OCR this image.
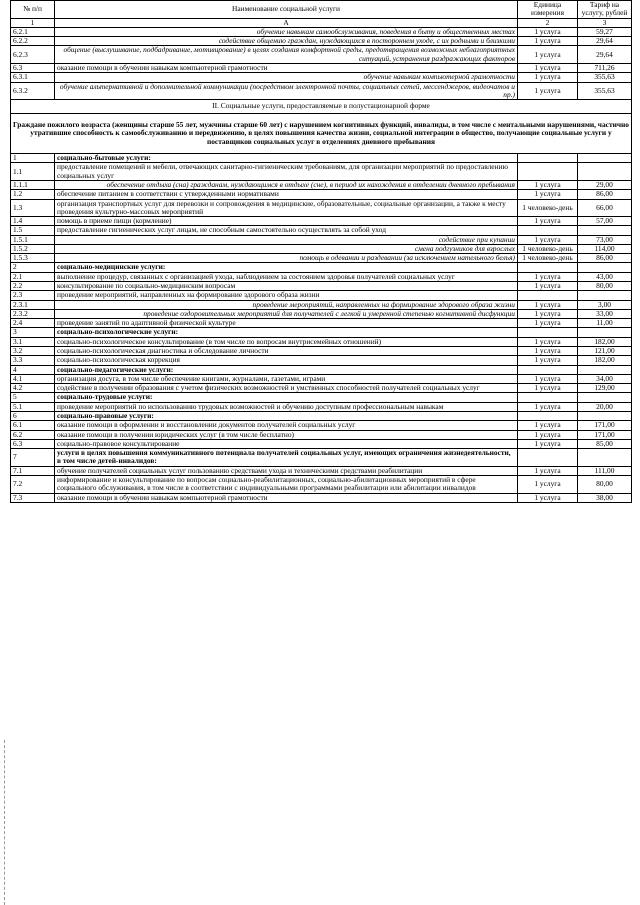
№ п/п	Наименование социальной услуги	Единица измерения	Тариф на услугу, рублей
1	А	2	3
6.2.1	обучение навыкам самообслуживания, поведения в быту и общественных местах	1 услуга	59,27
6.2.2	содействие общению граждан, нуждающихся в постороннем уходе, с их родными и близкими	1 услуга	29,64
6.2.3	общение (выслушивание, подбадривание, мотивирование) в целях создания комфортной среды, предотвращения возможных неблагоприятных ситуаций, устранения раздражающих факторов	1 услуга	29,64
6.3	оказание помощи в обучении навыкам компьютерной грамотности	1 услуга	711,26
6.3.1	обучение навыкам компьютерной грамотности	1 услуга	355,63
6.3.2	обучение альтернативной и дополнительной коммуникации (посредством электронной почты, социальных сетей, мессенджеров, видеочатов и пр.)	1 услуга	355,63
II. Социальные услуги, предоставляемые в полустационарной форме			
Граждане пожилого возраста (женщины старше 55 лет, мужчины старше 60 лет) с нарушением когнитивных функций, инвалиды, в том числе с ментальными нарушениями, частично утратившие способность к самообслуживанию и передвижению, в целях повышения качества жизни, социальной интеграции в общество, получающие социальные услуги у поставщиков социальных услуг в отделениях дневного пребывания			
1	социально-бытовые услуги:		
1.1	предоставление помещений и мебели, отвечающих санитарно-гигиеническим требованиям, для организации мероприятий по предоставлению социальных услуг		
1.1.1	обеспечение отдыха (сна) гражданам, нуждающимся в отдыхе (сне), в период их нахождения в отделении дневного пребывания	1 услуга	29,00
1.2	обеспечение питанием в соответствии с утвержденными нормативами	1 услуга	86,00
1.3	организация транспортных услуг для перевозки и сопровождения в медицинские, образовательные, социальные организации, а также к месту проведения культурно-массовых мероприятий	1 человеко-день	66,00
1.4	помощь в приеме пищи (кормление)	1 услуга	57,00
1.5	предоставление гигиенических услуг лицам, не способным самостоятельно осуществлять за собой уход		
1.5.1	содействие при купании	1 услуга	73,00
1.5.2	смена подгузников для взрослых	1 человеко-день	114,00
1.5.3	помощь в одевании и раздевании (за исключением нательного белья)	1 человеко-день	86,00
2	социально-медицинские услуги:		
2.1	выполнение процедур, связанных с организацией ухода, наблюдением за состоянием здоровья получателей социальных услуг	1 услуга	43,00
2.2	консультирование по социально-медицинским вопросам	1 услуга	80,00
2.3	проведение мероприятий, направленных на формирование здорового образа жизни		
2.3.1	проведение мероприятий, направленных на формирование здорового образа жизни	1 услуга	3,00
2.3.2	проведение оздоровительных мероприятий для получателей с легкой и умеренной степенью когнитивной дисфункции	1 услуга	33,00
2.4	проведение занятий по адаптивной физической культуре	1 услуга	11,00
3	социально-психологические услуги:		
3.1	социально-психологическое консультирование (в том числе по вопросам внутрисемейных отношений)	1 услуга	182,00
3.2	социально-психологическая диагностика и обследование личности	1 услуга	121,00
3.3	социально-психологическая коррекция	1 услуга	182,00
4	социально-педагогические услуги:		
4.1	организация досуга, в том числе обеспечение книгами, журналами, газетами, играми	1 услуга	34,00
4.2	содействие в получении образования с учетом физических возможностей и умственных способностей получателей социальных услуг	1 услуга	129,00
5	социально-трудовые услуги:		
5.1	проведение мероприятий по использованию трудовых возможностей и обучению доступным профессиональным навыкам	1 услуга	20,00
6	социально-правовые услуги:		
6.1	оказание помощи в оформлении и восстановлении документов получателей социальных услуг	1 услуга	171,00
6.2	оказание помощи в получении юридических услуг (в том числе бесплатно)	1 услуга	171,00
6.3	социально-правовое консультирование	1 услуга	85,00
7	услуги в целях повышения коммуникативного потенциала получателей социальных услуг, имеющих ограничения жизнедеятельности, в том числе детей-инвалидов:		
7.1	обучение получателей социальных услуг пользованию средствами ухода и техническими средствами реабилитации	1 услуга	111,00
7.2	информирование и консультирование по вопросам социально-реабилитационных, социально-абилитационных мероприятий в сфере социального обслуживания, в том числе в соответствии с индивидуальными программами реабилитации или абилитации инвалидов	1 услуга	80,00
7.3	оказание помощи в обучении навыкам компьютерной грамотности	1 услуга	38,00
